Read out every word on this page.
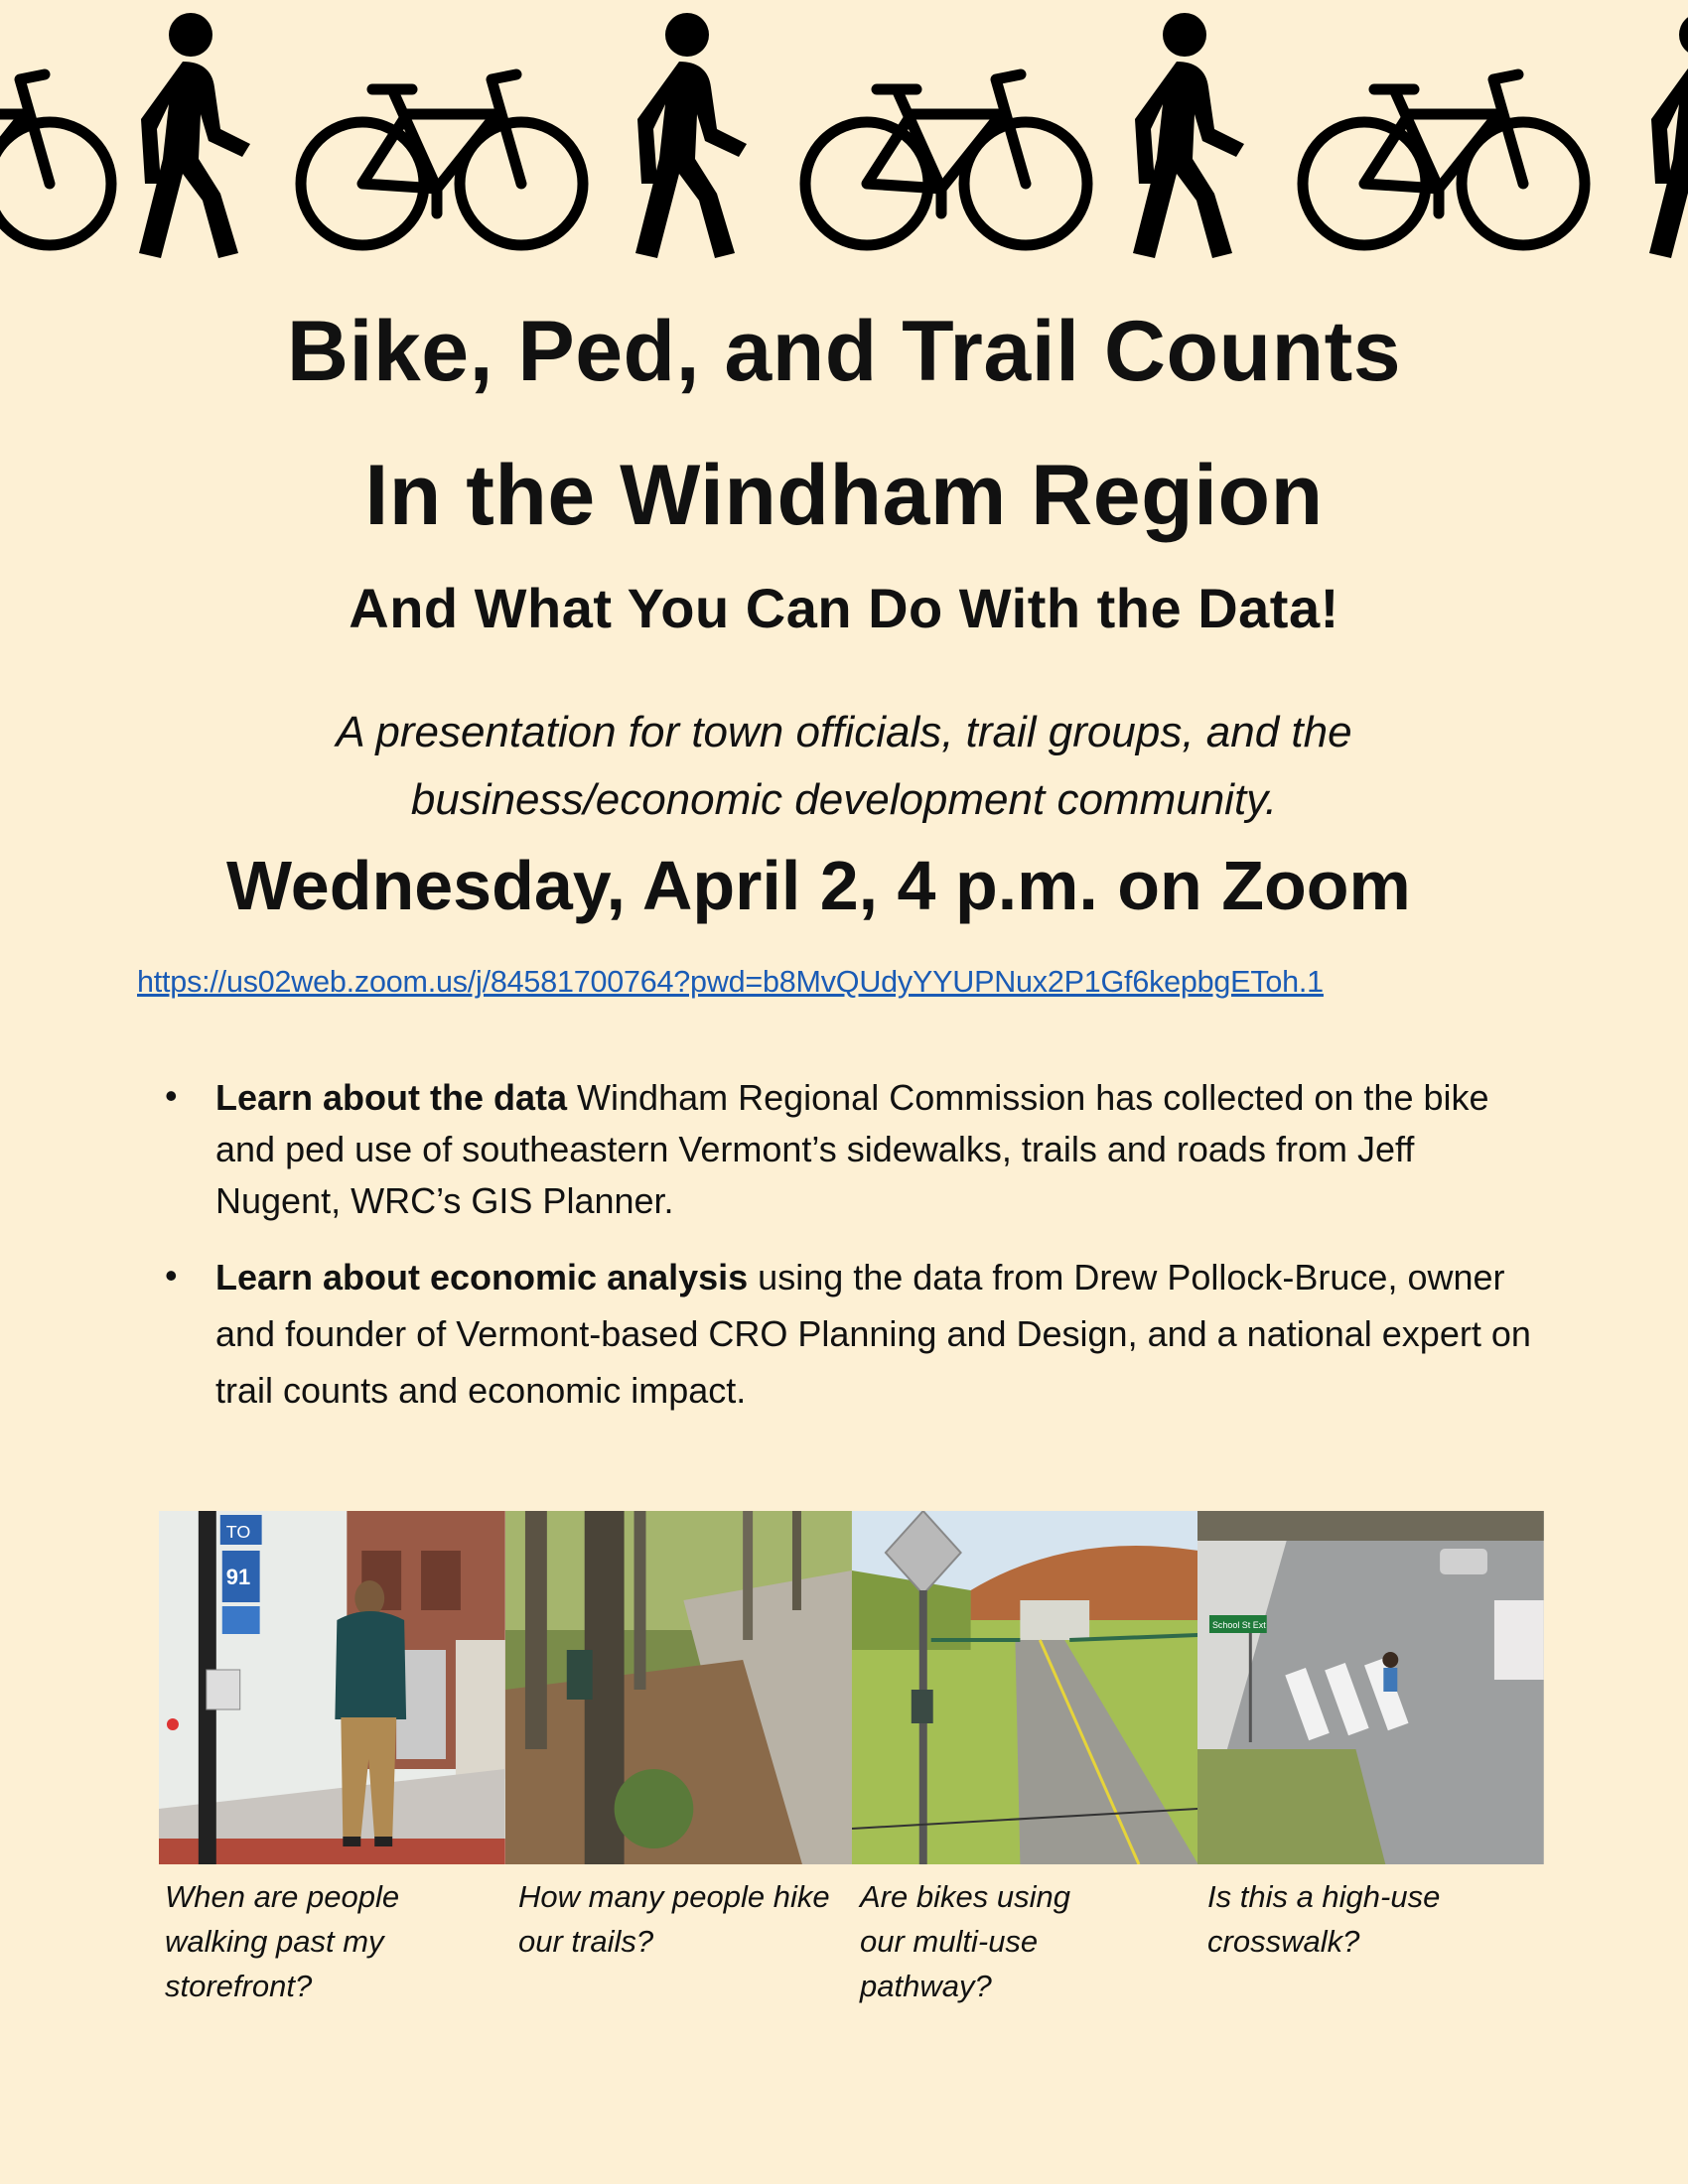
Bike, Ped, and Trail Counts
In the Windham Region
And What You Can Do With the Data!
A presentation for town officials, trail groups, and the
business/economic development community.
Wednesday, April 2, 4 p.m. on Zoom
https://us02web.zoom.us/j/84581700764?pwd=b8MvQUdyYYUPNux2P1Gf6kepbgEToh.1
• Learn about the data Windham Regional Commission has collected on the bike and ped use of southeastern Vermont’s sidewalks, trails and roads from Jeff Nugent, WRC’s GIS Planner.
• Learn about economic analysis using the data from Drew Pollock-Bruce, owner and founder of Vermont-based CRO Planning and Design, and a national expert on trail counts and economic impact.
TO
91
School St Ext
When are people walking past my storefront?
How many people hike our trails?
Are bikes using our multi-use pathway?
Is this a high-use crosswalk?
